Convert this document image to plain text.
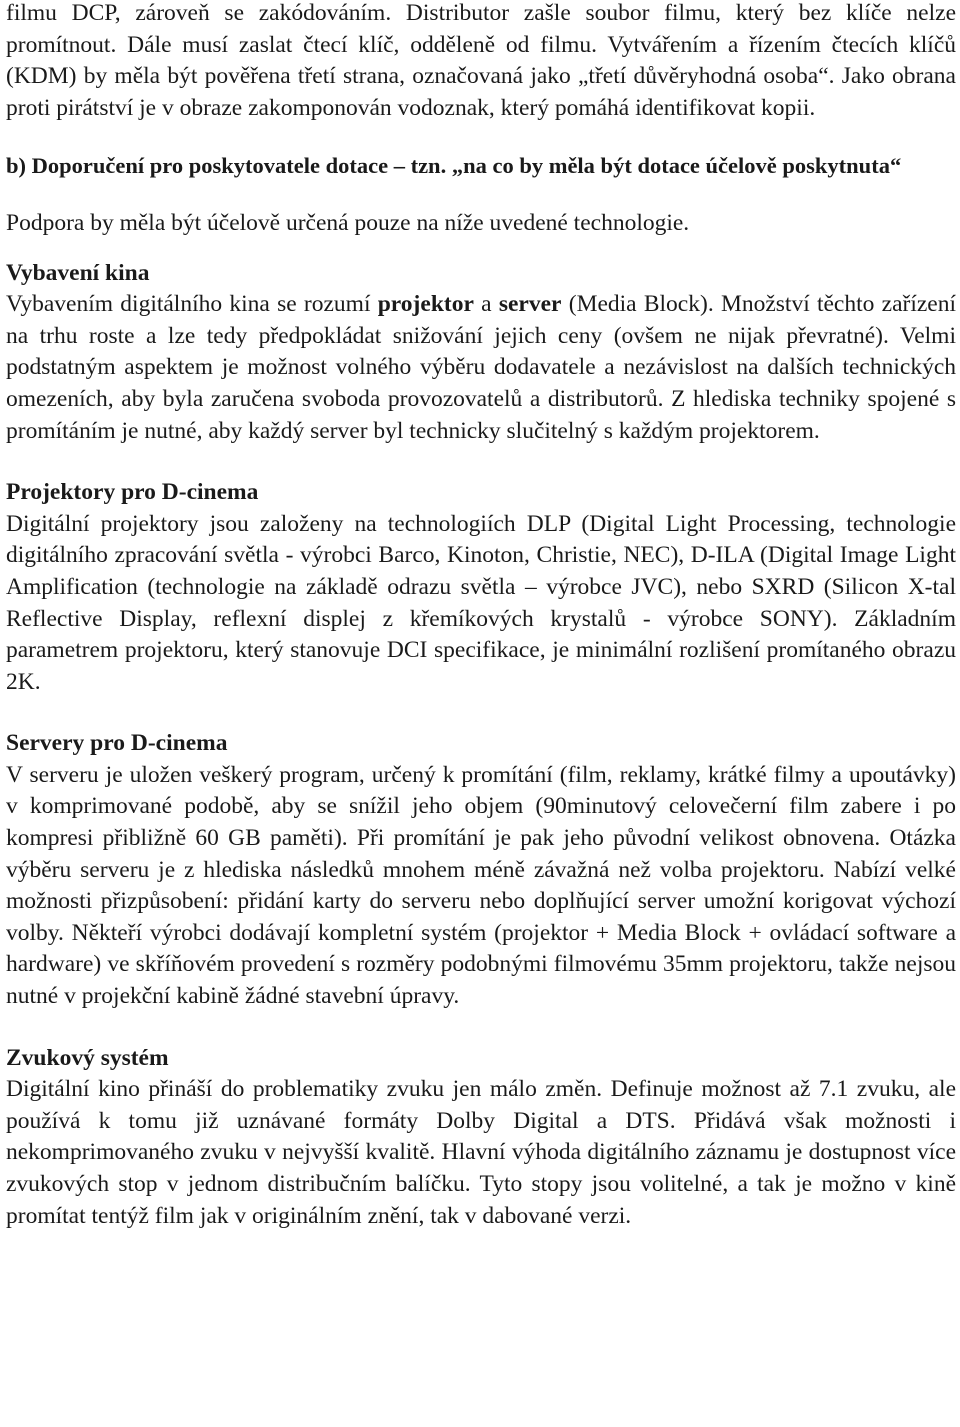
filmu DCP, zároveň se zakódováním. Distributor zašle soubor filmu, který bez klíče nelze promítnout. Dále musí zaslat čtecí klíč, odděleně od filmu. Vytvářením a řízením čtecích klíčů (KDM) by měla být pověřena třetí strana, označovaná jako „třetí důvěryhodná osoba“. Jako obrana proti pirátství je v obraze zakomponován vodoznak, který pomáhá identifikovat kopii.

b) Doporučení pro poskytovatele dotace – tzn. „na co by měla být dotace účelově poskytnuta“

Podpora by měla být účelově určená pouze na níže uvedené technologie.

Vybavení kina

Vybavením digitálního kina se rozumí projektor a server (Media Block). Množství těchto zařízení na trhu roste a lze tedy předpokládat snižování jejich ceny (ovšem ne nijak převratné). Velmi podstatným aspektem je možnost volného výběru dodavatele a nezávislost na dalších technických omezeních, aby byla zaručena svoboda provozovatelů a distributorů. Z hlediska techniky spojené s promítáním je nutné, aby každý server byl technicky slučitelný s každým projektorem.

Projektory pro D-cinema

Digitální projektory jsou založeny na technologiích DLP (Digital Light Processing, technologie digitálního zpracování světla - výrobci Barco, Kinoton, Christie, NEC), D-ILA (Digital Image Light Amplification (technologie na základě odrazu světla – výrobce JVC), nebo SXRD (Silicon X-tal Reflective Display, reflexní displej z křemíkových krystalů - výrobce SONY). Základním parametrem projektoru, který stanovuje DCI specifikace, je minimální rozlišení promítaného obrazu 2K.

Servery pro D-cinema

V serveru je uložen veškerý program, určený k promítání (film, reklamy, krátké filmy a upoutávky) v komprimované podobě, aby se snížil jeho objem (90minutový celovečerní film zabere i po kompresi přibližně 60 GB paměti). Při promítání je pak jeho původní velikost obnovena. Otázka výběru serveru je z hlediska následků mnohem méně závažná než volba projektoru. Nabízí velké možnosti přizpůsobení: přidání karty do serveru nebo doplňující server umožní korigovat výchozí volby. Někteří výrobci dodávají kompletní systém (projektor + Media Block + ovládací software a hardware) ve skříňovém provedení s rozměry podobnými filmovému 35mm projektoru, takže nejsou nutné v projekční kabině žádné stavební úpravy.

Zvukový systém

Digitální kino přináší do problematiky zvuku jen málo změn. Definuje možnost až 7.1 zvuku, ale používá k tomu již uznávané formáty Dolby Digital a DTS. Přidává však možnosti i nekomprimovaného zvuku v nejvyšší kvalitě. Hlavní výhoda digitálního záznamu je dostupnost více zvukových stop v jednom distribučním balíčku. Tyto stopy jsou volitelné, a tak je možno v kině promítat tentýž film jak v originálním znění, tak v dabované verzi.
